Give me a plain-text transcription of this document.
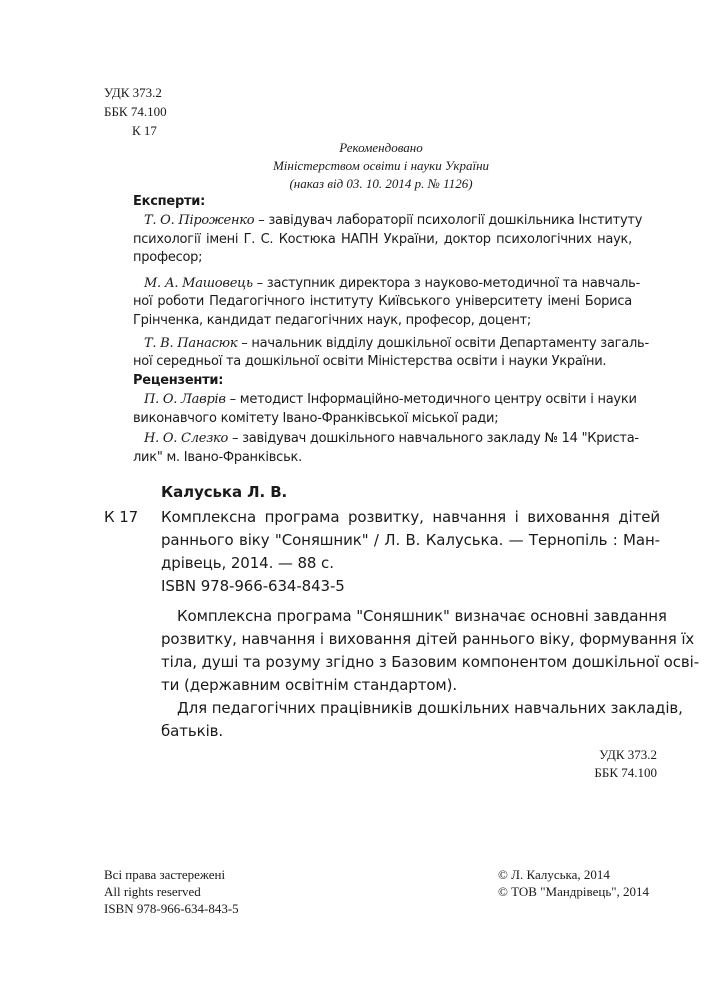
УДК 373.2
ББК 74.100
К 17
Рекомендовано
Міністерством освіти і науки України
(наказ від 03. 10. 2014 р. № 1126)
Експерти:
Т. О. Піроженко – завідувач лабораторії психології дошкільника Інституту
психології імені Г. С. Костюка НАПН України, доктор психологічних наук,
професор;
М. А. Машовець – заступник директора з науково-методичної та навчаль-
ної роботи Педагогічного інституту Київського університету імені Бориса
Грінченка, кандидат педагогічних наук, професор, доцент;
Т. В. Панасюк – начальник відділу дошкільної освіти Департаменту загаль-
ної середньої та дошкільної освіти Міністерства освіти і науки України.
Рецензенти:
П. О. Лаврів – методист Інформаційно-методичного центру освіти і науки
виконавчого комітету Івано-Франківської міської ради;
Н. О. Слезко – завідувач дошкільного навчального закладу № 14 "Криста-
лик" м. Івано-Франківськ.
Калуська Л. В.
К 17 Комплексна програма розвитку, навчання і виховання дітей
раннього віку "Соняшник" / Л. В. Калуська. — Тернопіль : Ман-
дрівець, 2014. — 88 с.
ISBN 978-966-634-843-5
Комплексна програма "Соняшник" визначає основні завдання
розвитку, навчання і виховання дітей раннього віку, формування їх
тіла, душі та розуму згідно з Базовим компонентом дошкільної осві-
ти (державним освітнім стандартом).
Для педагогічних працівників дошкільних навчальних закладів,
батьків.
УДК 373.2
ББК 74.100
Всі права застережені
All rights reserved
ISBN 978-966-634-843-5
© Л. Калуська, 2014
© ТОВ "Мандрівець", 2014
